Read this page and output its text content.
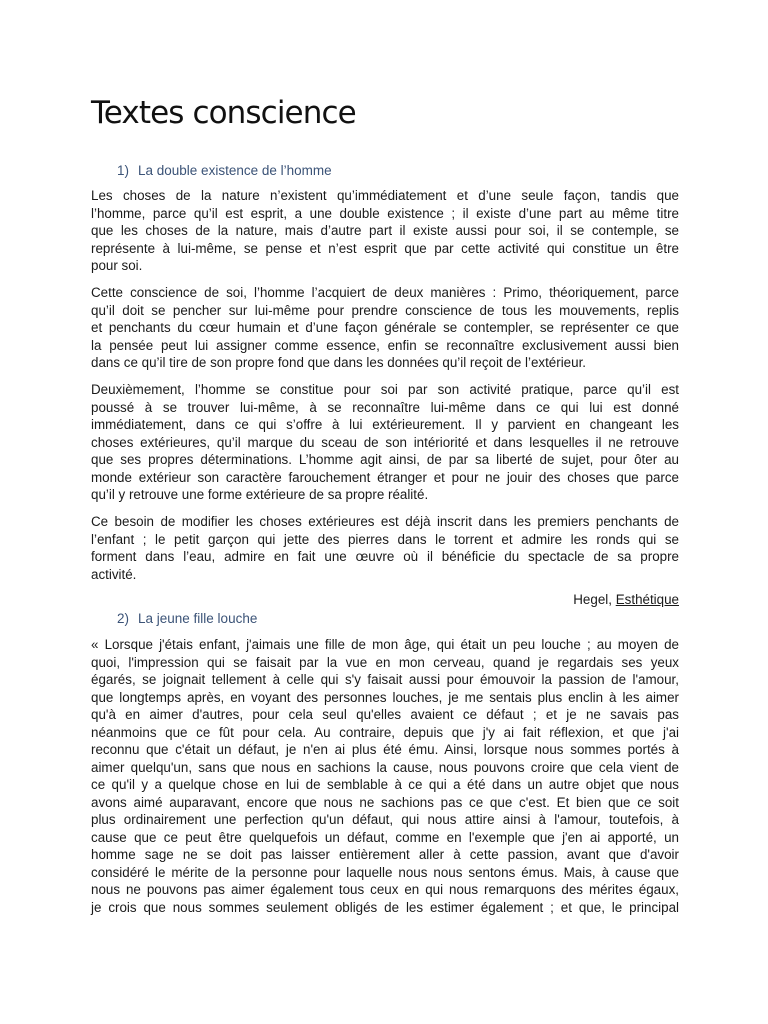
Textes conscience
1) La double existence de l’homme

Les choses de la nature n’existent qu’immédiatement et d’une seule façon, tandis que
l’homme, parce qu’il est esprit, a une double existence ; il existe d’une part au même titre
que les choses de la nature, mais d’autre part il existe aussi pour soi, il se contemple, se
représente à lui-même, se pense et n’est esprit que par cette activité qui constitue un être
pour soi.

Cette conscience de soi, l’homme l’acquiert de deux manières : Primo, théoriquement, parce
qu’il doit se pencher sur lui-même pour prendre conscience de tous les mouvements, replis
et penchants du cœur humain et d’une façon générale se contempler, se représenter ce que
la pensée peut lui assigner comme essence, enfin se reconnaître exclusivement aussi bien
dans ce qu’il tire de son propre fond que dans les données qu’il reçoit de l’extérieur.

Deuxièmement, l’homme se constitue pour soi par son activité pratique, parce qu’il est
poussé à se trouver lui-même, à se reconnaître lui-même dans ce qui lui est donné
immédiatement, dans ce qui s’offre à lui extérieurement. Il y parvient en changeant les
choses extérieures, qu’il marque du sceau de son intériorité et dans lesquelles il ne retrouve
que ses propres déterminations. L’homme agit ainsi, de par sa liberté de sujet, pour ôter au
monde extérieur son caractère farouchement étranger et pour ne jouir des choses que parce
qu’il y retrouve une forme extérieure de sa propre réalité.

Ce besoin de modifier les choses extérieures est déjà inscrit dans les premiers penchants de
l’enfant ; le petit garçon qui jette des pierres dans le torrent et admire les ronds qui se
forment dans l’eau, admire en fait une œuvre où il bénéficie du spectacle de sa propre
activité.

Hegel, Esthétique
2) La jeune fille louche

« Lorsque j'étais enfant, j'aimais une fille de mon âge, qui était un peu louche ; au moyen de
quoi, l'impression qui se faisait par la vue en mon cerveau, quand je regardais ses yeux
égarés, se joignait tellement à celle qui s'y faisait aussi pour émouvoir la passion de l'amour,
que longtemps après, en voyant des personnes louches, je me sentais plus enclin à les aimer
qu'à en aimer d'autres, pour cela seul qu'elles avaient ce défaut ; et je ne savais pas
néanmoins que ce fût pour cela. Au contraire, depuis que j'y ai fait réflexion, et que j'ai
reconnu que c'était un défaut, je n'en ai plus été ému. Ainsi, lorsque nous sommes portés à
aimer quelqu'un, sans que nous en sachions la cause, nous pouvons croire que cela vient de
ce qu'il y a quelque chose en lui de semblable à ce qui a été dans un autre objet que nous
avons aimé auparavant, encore que nous ne sachions pas ce que c'est. Et bien que ce soit
plus ordinairement une perfection qu'un défaut, qui nous attire ainsi à l'amour, toutefois, à
cause que ce peut être quelquefois un défaut, comme en l'exemple que j'en ai apporté, un
homme sage ne se doit pas laisser entièrement aller à cette passion, avant que d'avoir
considéré le mérite de la personne pour laquelle nous nous sentons émus. Mais, à cause que
nous ne pouvons pas aimer également tous ceux en qui nous remarquons des mérites égaux,
je crois que nous sommes seulement obligés de les estimer également ; et que, le principal
